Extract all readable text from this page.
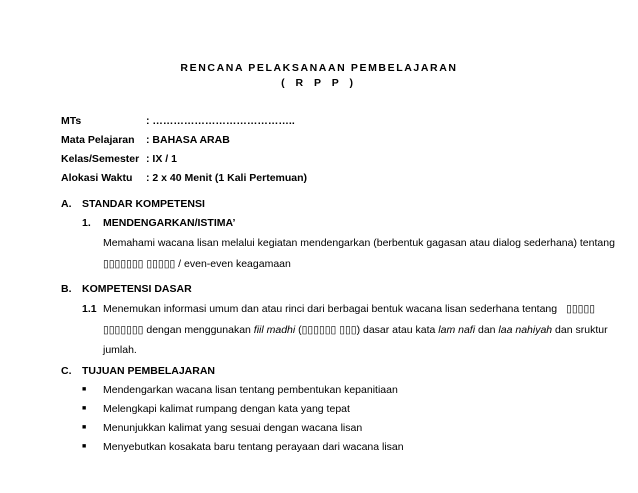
RENCANA PELAKSANAAN PEMBELAJARAN
( R P P )
MTs	: …………………………………..
Mata Pelajaran : BAHASA ARAB
Kelas/Semester : IX / 1
Alokasi Waktu : 2 x 40 Menit (1 Kali Pertemuan)
A. STANDAR KOMPETENSI
1. MENDENGARKAN/ISTIMA’
Memahami wacana lisan melalui kegiatan mendengarkan (berbentuk gagasan atau dialog sederhana) tentang
▯▯▯▯▯▯▯ ▯▯▯▯▯ / even-even keagamaan
B. KOMPETENSI DASAR
1.1 Menemukan informasi umum dan atau rinci dari berbagai bentuk wacana lisan sederhana tentang ▯▯▯▯▯
▯▯▯▯▯▯▯ dengan menggunakan fiil madhi (▯▯▯▯▯▯ ▯▯▯) dasar atau kata lam nafi dan laa nahiyah dan sruktur
jumlah.
C. TUJUAN PEMBELAJARAN
■ Mendengarkan wacana lisan tentang pembentukan kepanitiaan
■ Melengkapi kalimat rumpang dengan kata yang tepat
■ Menunjukkan kalimat yang sesuai dengan wacana lisan
■ Menyebutkan kosakata baru tentang perayaan dari wacana lisan
